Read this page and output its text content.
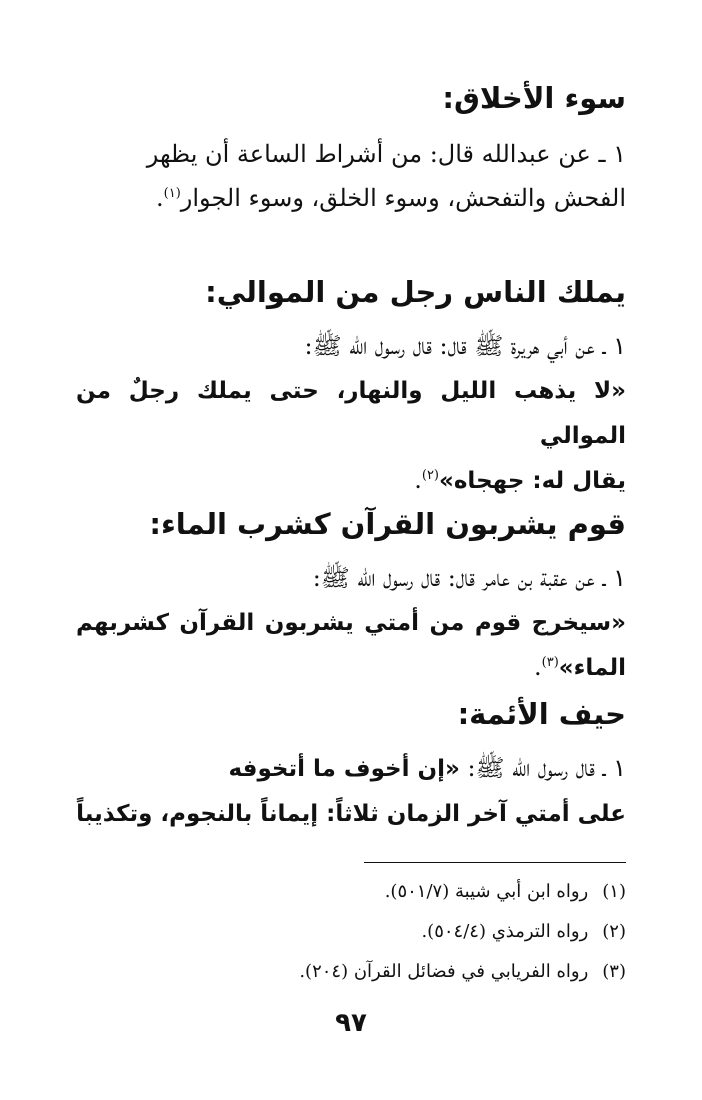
سوء الأخلاق:

١ ـ عن عبدالله قال: من أشراط الساعة أن يظهر
الفحش والتفحش، وسوء الخلق، وسوء الجوار$^{(١)}$.

يملك الناس رجل من الموالي:

١ ـ عن أبي هريرة ﷺ قال: قال رسول الله ﷺ:
«لا يذهب الليل والنهار، حتى يملك رجلٌ من الموالي
يقال له: جهجاه»$^{(٢)}$.

قوم يشربون القرآن كشرب الماء:

١ ـ عن عقبة بن عامر قال: قال رسول الله ﷺ:
«سيخرج قوم من أمتي يشربون القرآن كشربهم الماء»$^{(٣)}$.

حيف الأئمة:

١ ـ قال رسول الله ﷺ: «إن أخوف ما أتخوفه
على أمتي آخر الزمان ثلاثاً: إيماناً بالنجوم، وتكذيباً

(١)رواه ابن أبي شيبة (٥٠١/٧).

(٢)رواه الترمذي (٥٠٤/٤).

(٣)رواه الفريابي في فضائل القرآن (٢٠٤).

٩٧
